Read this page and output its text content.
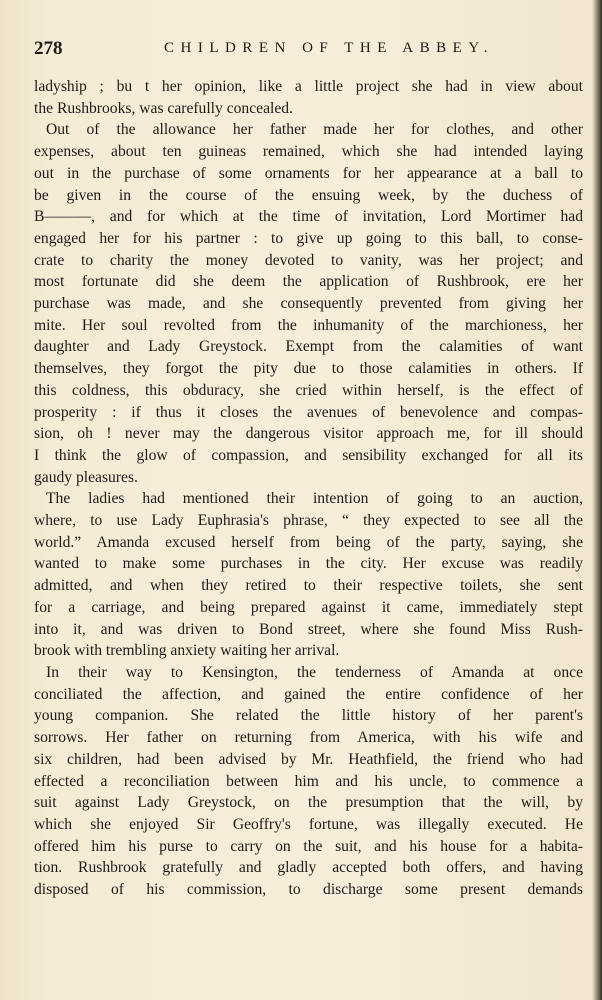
278	CHILDREN OF THE ABBEY.
ladyship ; bu t her opinion, like a little project she had in view about
the Rushbrooks, was carefully concealed.
Out of the allowance her father made her for clothes, and other
expenses, about ten guineas remained, which she had intended laying
out in the purchase of some ornaments for her appearance at a ball to
be given in the course of the ensuing week, by the duchess of
B———, and for which at the time of invitation, Lord Mortimer had
engaged her for his partner : to give up going to this ball, to conse-
crate to charity the money devoted to vanity, was her project; and
most fortunate did she deem the application of Rushbrook, ere her
purchase was made, and she consequently prevented from giving her
mite. Her soul revolted from the inhumanity of the marchioness, her
daughter and Lady Greystock. Exempt from the calamities of want
themselves, they forgot the pity due to those calamities in others. If
this coldness, this obduracy, she cried within herself, is the effect of
prosperity : if thus it closes the avenues of benevolence and compas-
sion, oh ! never may the dangerous visitor approach me, for ill should
I think the glow of compassion, and sensibility exchanged for all its
gaudy pleasures.
The ladies had mentioned their intention of going to an auction,
where, to use Lady Euphrasia's phrase, “ they expected to see all the
world.” Amanda excused herself from being of the party, saying, she
wanted to make some purchases in the city. Her excuse was readily
admitted, and when they retired to their respective toilets, she sent
for a carriage, and being prepared against it came, immediately stept
into it, and was driven to Bond street, where she found Miss Rush-
brook with trembling anxiety waiting her arrival.
In their way to Kensington, the tenderness of Amanda at once
conciliated the affection, and gained the entire confidence of her
young companion. She related the little history of her parent's
sorrows. Her father on returning from America, with his wife and
six children, had been advised by Mr. Heathfield, the friend who had
effected a reconciliation between him and his uncle, to commence a
suit against Lady Greystock, on the presumption that the will, by
which she enjoyed Sir Geoffry's fortune, was illegally executed. He
offered him his purse to carry on the suit, and his house for a habita-
tion. Rushbrook gratefully and gladly accepted both offers, and having
disposed of his commission, to discharge some present demands
